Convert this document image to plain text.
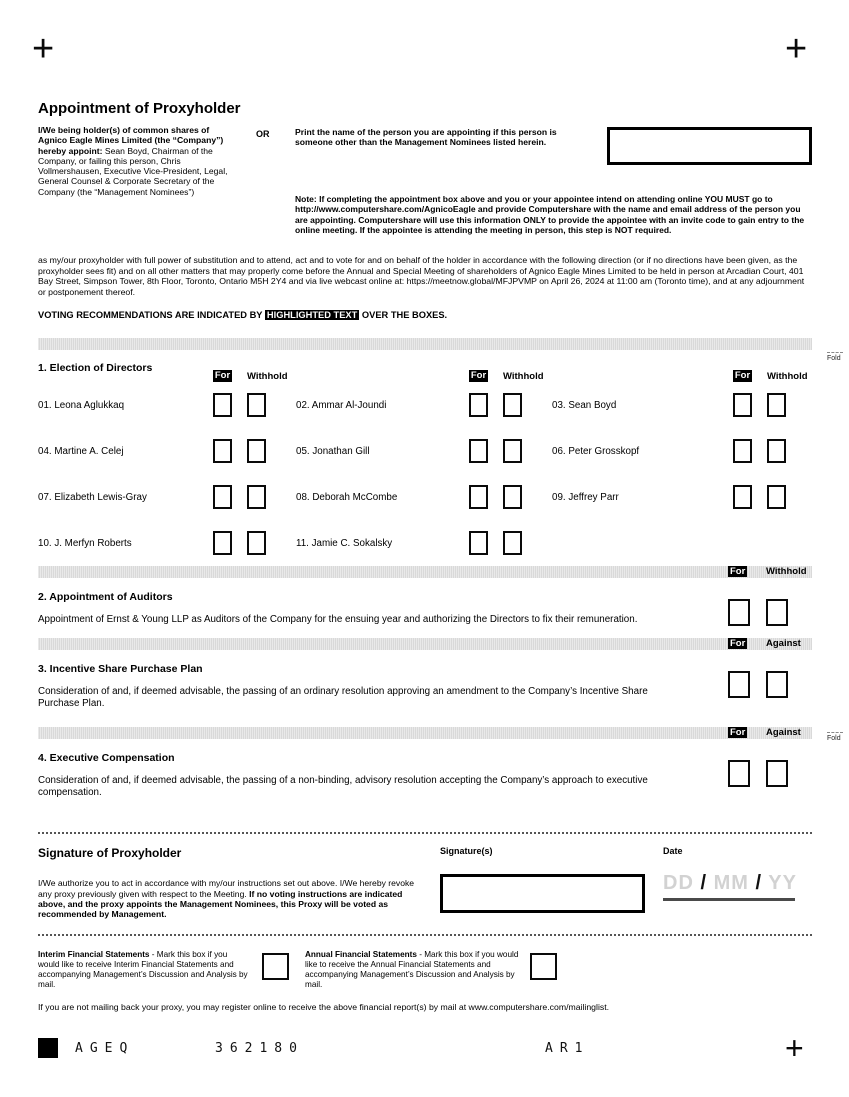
+	+
+
Fold
Fold
Appointment of Proxyholder
I/We being holder(s) of common shares of Agnico Eagle Mines Limited (the “Company”) hereby appoint: Sean Boyd, Chairman of the Company, or failing this person, Chris Vollmershausen, Executive Vice-President, Legal, General Counsel & Corporate Secretary of the Company (the “Management Nominees”)
OR	Print the name of the person you are appointing if this person is someone other than the Management Nominees listed herein.
Note: If completing the appointment box above and you or your appointee intend on attending online YOU MUST go to http://www.computershare.com/AgnicoEagle and provide Computershare with the name and email address of the person you are appointing. Computershare will use this information ONLY to provide the appointee with an invite code to gain entry to the online meeting. If the appointee is attending the meeting in person, this step is NOT required.

as my/our proxyholder with full power of substitution and to attend, act and to vote for and on behalf of the holder in accordance with the following direction (or if no directions have been given, as the proxyholder sees fit) and on all other matters that may properly come before the Annual and Special Meeting of shareholders of Agnico Eagle Mines Limited to be held in person at Arcadian Court, 401 Bay Street, Simpson Tower, 8th Floor, Toronto, Ontario M5H 2Y4 and via live webcast online at: https://meetnow.global/MFJPVMP on April 26, 2024 at 11:00 am (Toronto time), and at any adjournment or postponement thereof.

VOTING RECOMMENDATIONS ARE INDICATED BY HIGHLIGHTED TEXT OVER THE BOXES.
1. Election of Directors
For Withhold	For Withhold	For Withhold
01. Leona Aglukkaq	02. Ammar Al-Joundi	03. Sean Boyd
04. Martine A. Celej	05. Jonathan Gill	06. Peter Grosskopf
07. Elizabeth Lewis-Gray	08. Deborah McCombe	09. Jeffrey Parr
10. J. Merfyn Roberts	11. Jamie C. Sokalsky
For Withhold
2. Appointment of Auditors
Appointment of Ernst & Young LLP as Auditors of the Company for the ensuing year and authorizing the Directors to fix their remuneration.
For Against
3. Incentive Share Purchase Plan
Consideration of and, if deemed advisable, the passing of an ordinary resolution approving an amendment to the Company’s Incentive Share Purchase Plan.
For Against
4. Executive Compensation
Consideration of and, if deemed advisable, the passing of a non-binding, advisory resolution accepting the Company’s approach to executive compensation.
Signature of Proxyholder
I/We authorize you to act in accordance with my/our instructions set out above. I/We hereby revoke any proxy previously given with respect to the Meeting. If no voting instructions are indicated above, and the proxy appoints the Management Nominees, this Proxy will be voted as recommended by Management.
Signature(s)	Date
DD / MM / YY
Interim Financial Statements - Mark this box if you would like to receive Interim Financial Statements and accompanying Management’s Discussion and Analysis by mail.
Annual Financial Statements - Mark this box if you would like to receive the Annual Financial Statements and accompanying Management’s Discussion and Analysis by mail.
If you are not mailing back your proxy, you may register online to receive the above financial report(s) by mail at www.computershare.com/mailinglist.
AGEQ	362180	AR1
